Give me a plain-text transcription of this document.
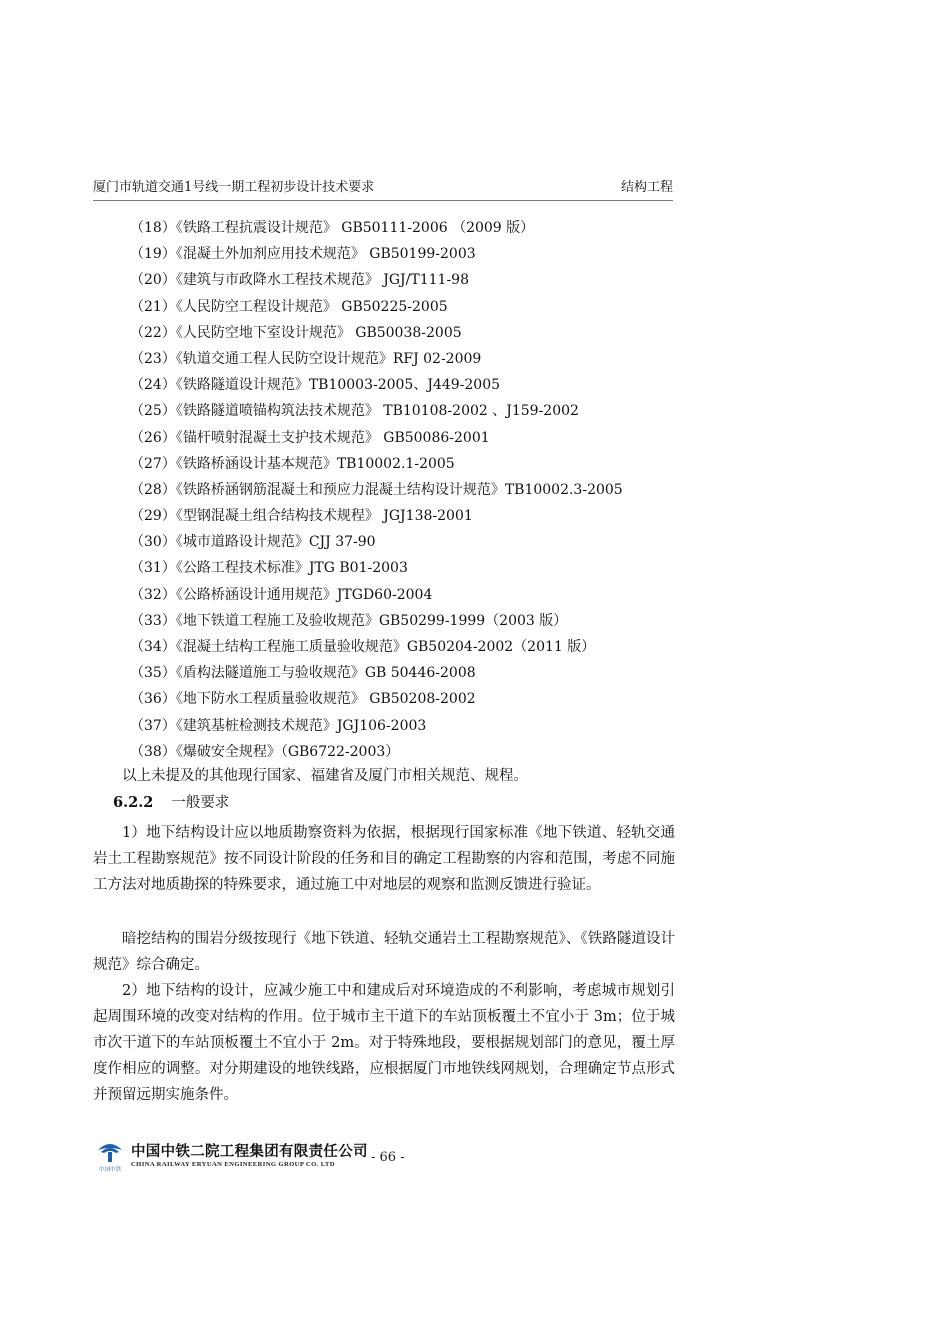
厦门市轨道交通1号线一期工程初步设计技术要求	结构工程
（18）《铁路工程抗震设计规范》 GB50111-2006 （2009 版）
（19）《混凝土外加剂应用技术规范》 GB50199-2003
（20）《建筑与市政降水工程技术规范》 JGJ/T111-98
（21）《人民防空工程设计规范》 GB50225-2005
（22）《人民防空地下室设计规范》 GB50038-2005
（23）《轨道交通工程人民防空设计规范》RFJ 02-2009
（24）《铁路隧道设计规范》TB10003-2005、J449-2005
（25）《铁路隧道喷锚构筑法技术规范》 TB10108-2002 、J159-2002
（26）《锚杆喷射混凝土支护技术规范》 GB50086-2001
（27）《铁路桥涵设计基本规范》TB10002.1-2005
（28）《铁路桥涵钢筋混凝土和预应力混凝土结构设计规范》TB10002.3-2005
（29）《型钢混凝土组合结构技术规程》 JGJ138-2001
（30）《城市道路设计规范》CJJ 37-90
（31）《公路工程技术标准》JTG B01-2003
（32）《公路桥涵设计通用规范》JTGD60-2004
（33）《地下铁道工程施工及验收规范》GB50299-1999（2003 版）
（34）《混凝土结构工程施工质量验收规范》GB50204-2002（2011 版）
（35）《盾构法隧道施工与验收规范》GB 50446-2008
（36）《地下防水工程质量验收规范》 GB50208-2002
（37）《建筑基桩检测技术规范》JGJ106-2003
（38）《爆破安全规程》（GB6722-2003）

以上未提及的其他现行国家、福建省及厦门市相关规范、规程。

6.2.2 一般要求

1）地下结构设计应以地质勘察资料为依据，根据现行国家标准《地下铁道、轻轨交通岩土工程勘察规范》按不同设计阶段的任务和目的确定工程勘察的内容和范围，考虑不同施工方法对地质勘探的特殊要求，通过施工中对地层的观察和监测反馈进行验证。

暗挖结构的围岩分级按现行《地下铁道、轻轨交通岩土工程勘察规范》、《铁路隧道设计规范》综合确定。

2）地下结构的设计，应减少施工中和建成后对环境造成的不利影响，考虑城市规划引起周围环境的改变对结构的作用。位于城市主干道下的车站顶板覆土不宜小于 3m；位于城市次干道下的车站顶板覆土不宜小于 2m。对于特殊地段，要根据规划部门的意见，覆土厚度作相应的调整。对分期建设的地铁线路，应根据厦门市地铁线网规划，合理确定节点形式并预留远期实施条件。

中国中铁
中国中铁二院工程集团有限责任公司
CHINA RAILWAY ERYUAN ENGINEERING GROUP CO. LTD	- 66 -
